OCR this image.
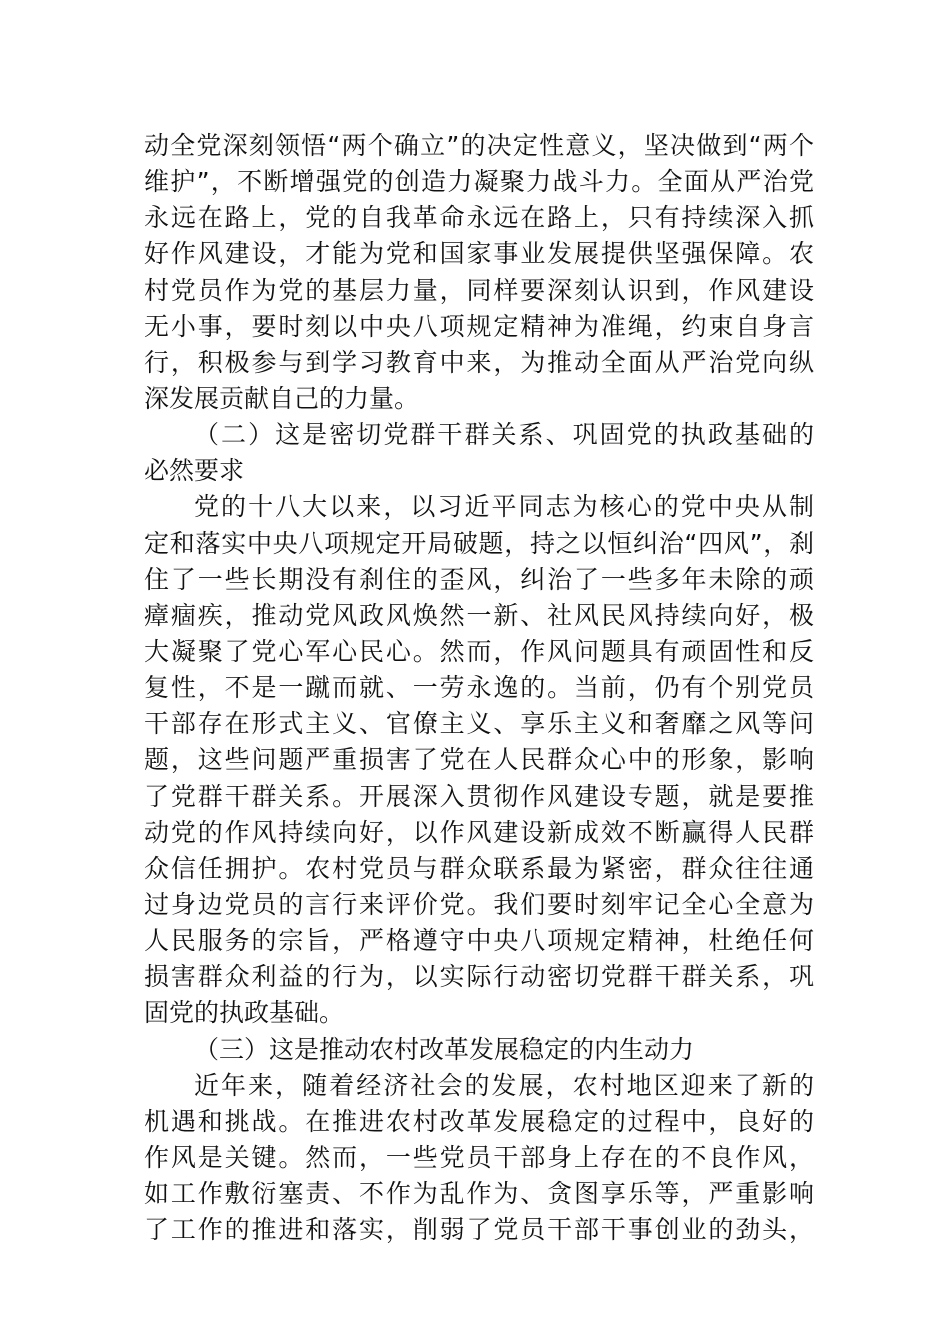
动全党深刻领悟“两个确立”的决定性意义，坚决做到“两个
维护”，不断增强党的创造力凝聚力战斗力。全面从严治党
永远在路上，党的自我革命永远在路上，只有持续深入抓
好作风建设，才能为党和国家事业发展提供坚强保障。农
村党员作为党的基层力量，同样要深刻认识到，作风建设
无小事，要时刻以中央八项规定精神为准绳，约束自身言
行，积极参与到学习教育中来，为推动全面从严治党向纵
深发展贡献自己的力量。
（二）这是密切党群干群关系、巩固党的执政基础的
必然要求
党的十八大以来，以习近平同志为核心的党中央从制
定和落实中央八项规定开局破题，持之以恒纠治“四风”，刹
住了一些长期没有刹住的歪风，纠治了一些多年未除的顽
瘴痼疾，推动党风政风焕然一新、社风民风持续向好，极
大凝聚了党心军心民心。然而，作风问题具有顽固性和反
复性，不是一蹴而就、一劳永逸的。当前，仍有个别党员
干部存在形式主义、官僚主义、享乐主义和奢靡之风等问
题，这些问题严重损害了党在人民群众心中的形象，影响
了党群干群关系。开展深入贯彻作风建设专题，就是要推
动党的作风持续向好，以作风建设新成效不断赢得人民群
众信任拥护。农村党员与群众联系最为紧密，群众往往通
过身边党员的言行来评价党。我们要时刻牢记全心全意为
人民服务的宗旨，严格遵守中央八项规定精神，杜绝任何
损害群众利益的行为，以实际行动密切党群干群关系，巩
固党的执政基础。
（三）这是推动农村改革发展稳定的内生动力
近年来，随着经济社会的发展，农村地区迎来了新的
机遇和挑战。在推进农村改革发展稳定的过程中，良好的
作风是关键。然而，一些党员干部身上存在的不良作风，
如工作敷衍塞责、不作为乱作为、贪图享乐等，严重影响
了工作的推进和落实，削弱了党员干部干事创业的劲头，
